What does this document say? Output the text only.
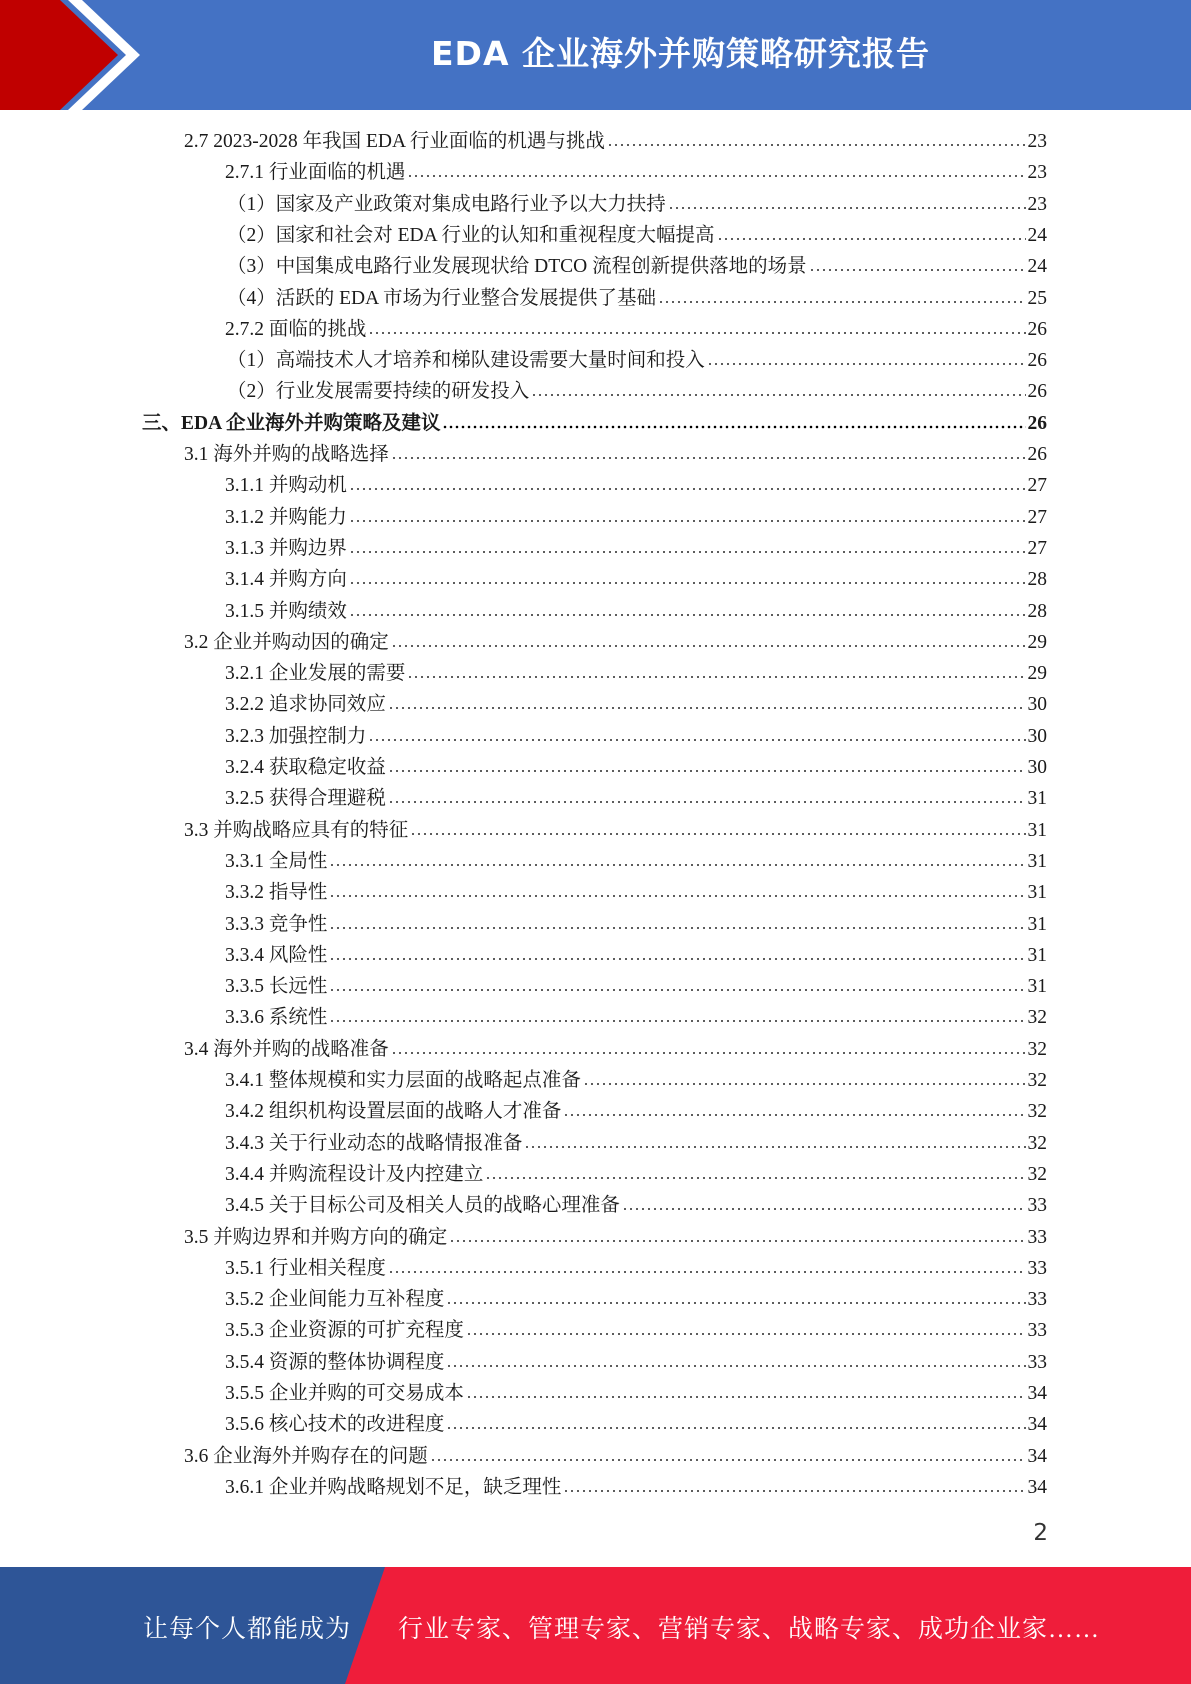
EDA 企业海外并购策略研究报告
2.7 2023-2028 年我国 EDA 行业面临的机遇与挑战	23
2.7.1 行业面临的机遇	23
（1）国家及产业政策对集成电路行业予以大力扶持	23
（2）国家和社会对 EDA 行业的认知和重视程度大幅提高	24
（3）中国集成电路行业发展现状给 DTCO 流程创新提供落地的场景	24
（4）活跃的 EDA 市场为行业整合发展提供了基础	25
2.7.2 面临的挑战	26
（1）高端技术人才培养和梯队建设需要大量时间和投入	26
（2）行业发展需要持续的研发投入	26
三、EDA 企业海外并购策略及建议	26
3.1 海外并购的战略选择	26
3.1.1 并购动机	27
3.1.2 并购能力	27
3.1.3 并购边界	27
3.1.4 并购方向	28
3.1.5 并购绩效	28
3.2 企业并购动因的确定	29
3.2.1 企业发展的需要	29
3.2.2 追求协同效应	30
3.2.3 加强控制力	30
3.2.4 获取稳定收益	30
3.2.5 获得合理避税	31
3.3 并购战略应具有的特征	31
3.3.1 全局性	31
3.3.2 指导性	31
3.3.3 竞争性	31
3.3.4 风险性	31
3.3.5 长远性	31
3.3.6 系统性	32
3.4 海外并购的战略准备	32
3.4.1 整体规模和实力层面的战略起点准备	32
3.4.2 组织机构设置层面的战略人才准备	32
3.4.3 关于行业动态的战略情报准备	32
3.4.4 并购流程设计及内控建立	32
3.4.5 关于目标公司及相关人员的战略心理准备	33
3.5 并购边界和并购方向的确定	33
3.5.1 行业相关程度	33
3.5.2 企业间能力互补程度	33
3.5.3 企业资源的可扩充程度	33
3.5.4 资源的整体协调程度	33
3.5.5 企业并购的可交易成本	34
3.5.6 核心技术的改进程度	34
3.6 企业海外并购存在的问题	34
3.6.1 企业并购战略规划不足，缺乏理性	34
2
让每个人都能成为 行业专家、管理专家、营销专家、战略专家、成功企业家……
